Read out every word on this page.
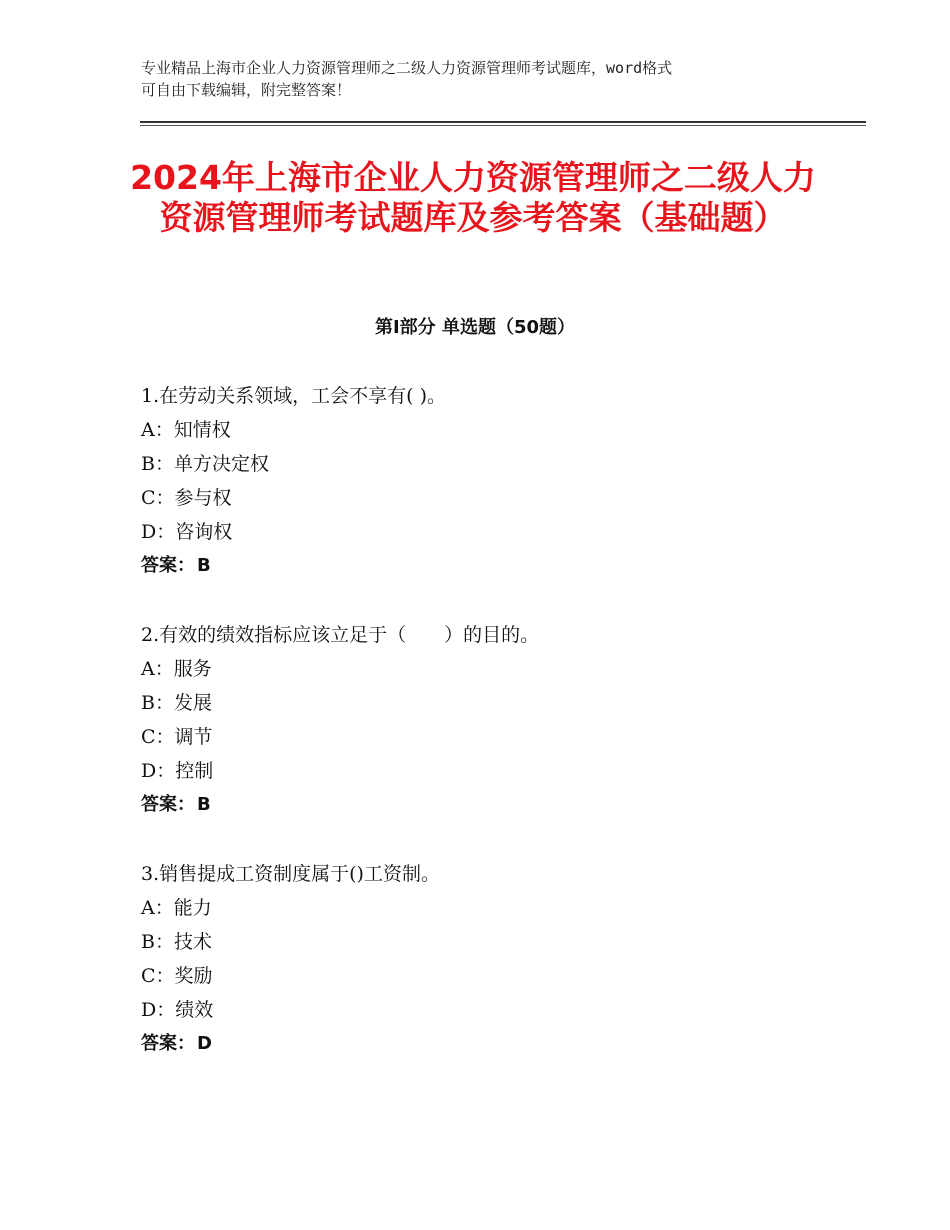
专业精品上海市企业人力资源管理师之二级人力资源管理师考试题库，word格式
可自由下载编辑，附完整答案！
2024年上海市企业人力资源管理师之二级人力资源管理师考试题库及参考答案（基础题）
第Ⅰ部分 单选题（50题）
1.在劳动关系领域，工会不享有( )。
A：知情权
B：单方决定权
C：参与权
D：咨询权
答案： B
2.有效的绩效指标应该立足于（　　）的目的。
A：服务
B：发展
C：调节
D：控制
答案： B
3.销售提成工资制度属于()工资制。
A：能力
B：技术
C：奖励
D：绩效
答案： D
